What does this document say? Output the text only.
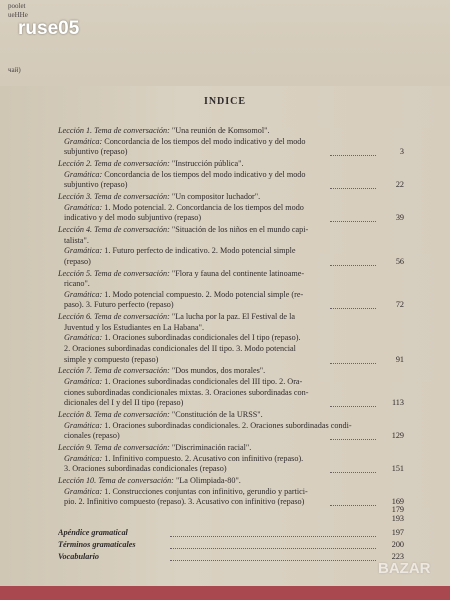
poolet
ueHHe
чай)
ruse05
INDICE
Lección 1. Tema de conversación: "Una reunión de Komsomol".
Gramática: Concordancia de los tiempos del modo indicativo y del modo
subjuntivo (repaso)	3
Lección 2. Tema de conversación: "Instrucción pública".
Gramática: Concordancia de los tiempos del modo indicativo y del modo
subjuntivo (repaso)	22
Lección 3. Tema de conversación: "Un compositor luchador".
Gramática: 1. Modo potencial. 2. Concordancia de los tiempos del modo
indicativo y del modo subjuntivo (repaso)	39
Lección 4. Tema de conversación: "Situación de los niños en el mundo capi-
talista".
Gramática: 1. Futuro perfecto de indicativo. 2. Modo potencial simple
(repaso)	56
Lección 5. Tema de conversación: "Flora y fauna del continente latinoame-
ricano".
Gramática: 1. Modo potencial compuesto. 2. Modo potencial simple (re-
paso). 3. Futuro perfecto (repaso)	72
Lección 6. Tema de conversación: "La lucha por la paz. El Festival de la
Juventud y los Estudiantes en La Habana".
Gramática: 1. Oraciones subordinadas condicionales del I tipo (repaso).
2. Oraciones subordinadas condicionales del II tipo. 3. Modo potencial
simple y compuesto (repaso)	91
Lección 7. Tema de conversación: "Dos mundos, dos morales".
Gramática: 1. Oraciones subordinadas condicionales del III tipo. 2. Ora-
ciones subordinadas condicionales mixtas. 3. Oraciones subordinadas con-
dicionales del I y del II tipo (repaso)	113
Lección 8. Tema de conversación: "Constitución de la URSS".
Gramática: 1. Oraciones subordinadas condicionales. 2. Oraciones subordinadas condi-
cionales (repaso)	129
Lección 9. Tema de conversación: "Discriminación racial".
Gramática: 1. Infinitivo compuesto. 2. Acusativo con infinitivo (repaso).
3. Oraciones subordinadas condicionales (repaso)	151
Lección 10. Tema de conversación: "La Olimpiada-80".
Gramática: 1. Construcciones conjuntas con infinitivo, gerundio y partici-
pio. 2. Infinitivo compuesto (repaso). 3. Acusativo con infinitivo (repaso)	169
179
193
Apéndice gramatical	197
Términos gramaticales	200
Vocabulario	223
BAZAR
